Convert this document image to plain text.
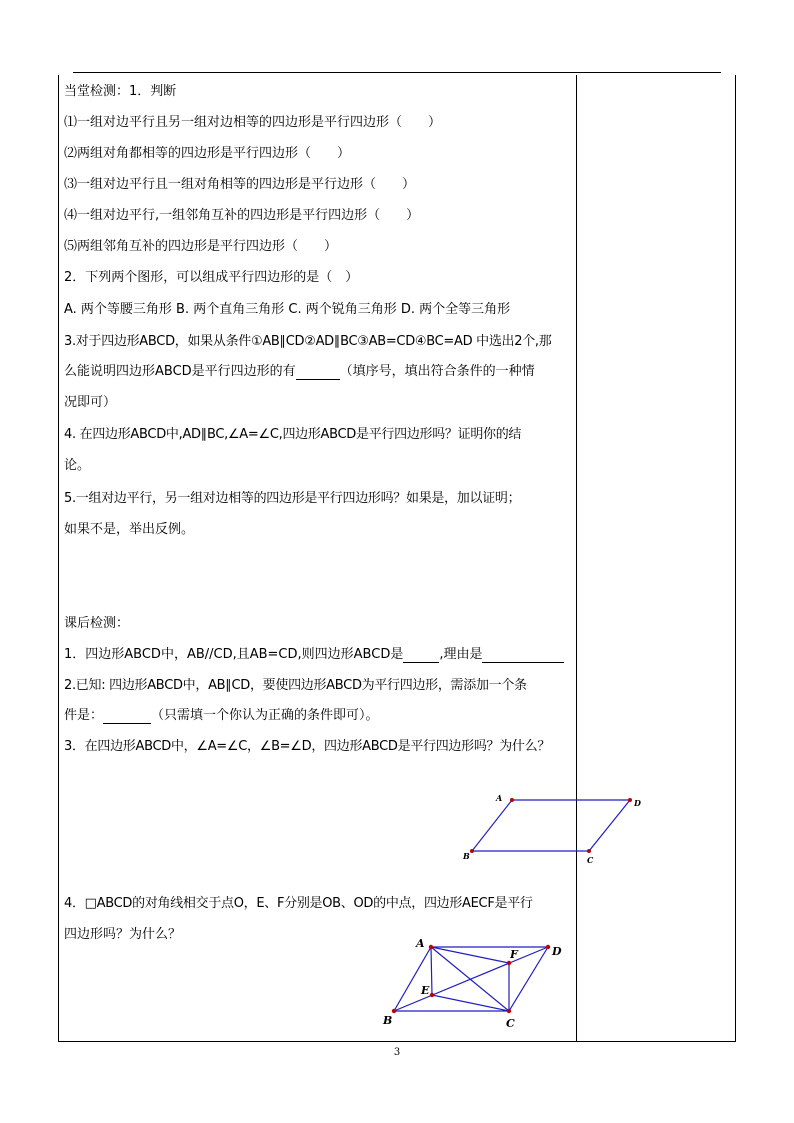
当堂检测：1．判断
⑴一组对边平行且另一组对边相等的四边形是平行四边形（　　）
⑵两组对角都相等的四边形是平行四边形（　　）
⑶一组对边平行且一组对角相等的四边形是平行边形（　　）
⑷一组对边平行,一组邻角互补的四边形是平行四边形（　　）
⑸两组邻角互补的四边形是平行四边形（　　）
2．下列两个图形，可以组成平行四边形的是（　）
A. 两个等腰三角形 B. 两个直角三角形 C. 两个锐角三角形 D. 两个全等三角形
3.对于四边形ABCD，如果从条件①AB∥CD②AD∥BC③AB=CD④BC=AD 中选出2个,那
么能说明四边形ABCD是平行四边形的有	（填序号，填出符合条件的一种情
况即可）
4. 在四边形ABCD中,AD∥BC,∠A=∠C,四边形ABCD是平行四边形吗？证明你的结
论。
5.一组对边平行，另一组对边相等的四边形是平行四边形吗？如果是，加以证明；
如果不是，举出反例。
课后检测：
1．四边形ABCD中，AB//CD,且AB=CD,则四边形ABCD是	,理由是
2.已知: 四边形ABCD中，AB∥CD，要使四边形ABCD为平行四边形，需添加一个条
件是：	（只需填一个你认为正确的条件即可）。
3．在四边形ABCD中，∠A=∠C，∠B=∠D，四边形ABCD是平行四边形吗？为什么？
A
B	C
D
4．□ABCD的对角线相交于点O，E、F分别是OB、OD的中点，四边形AECF是平行
四边形吗？为什么？
A
B	C
D
E
F
3
